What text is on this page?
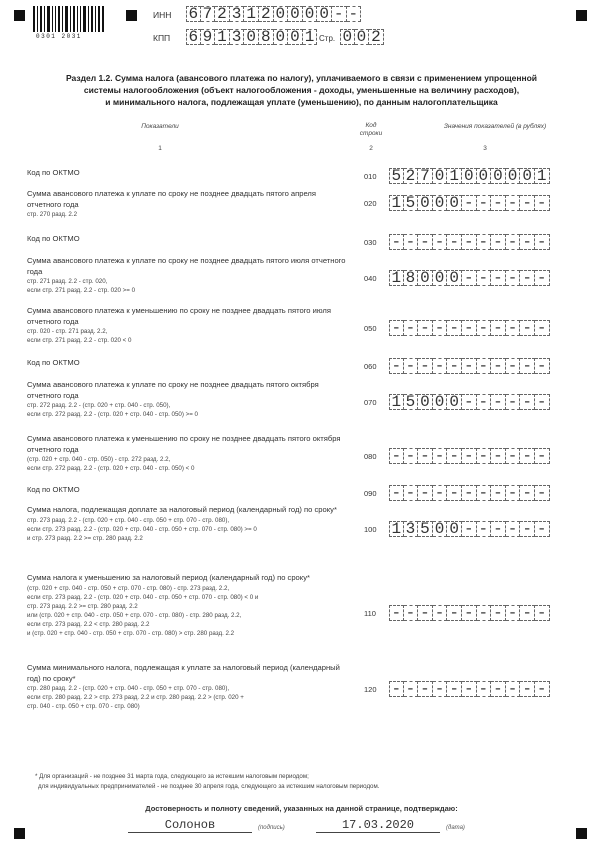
0301 2031
ИНН 6 7 2 3 1 2 0 0 0 0 - -
КПП 6 9 1 3 0 8 0 0 1 Стр. 0 0 2
Раздел 1.2. Сумма налога (авансового платежа по налогу), уплачиваемого в связи с применением упрощенной
системы налогообложения (объект налогообложения - доходы, уменьшенные на величину расходов),
и минимального налога, подлежащая уплате (уменьшению), по данным налогоплательщика
Показатели	Код строки
Значения показателей (в рублях)
1	2	3
Код по ОКТМО	010 5 2 7 0 1 0 0 0 0 0 1
Сумма авансового платежа к уплате по сроку не позднее двадцать пятого апреля отчетного года
стр. 270 разд. 2.2
020 1 5 0 0 0 - - - - - -
Код по ОКТМО	030 - - - - - - - - - - -
Сумма авансового платежа к уплате по сроку не позднее двадцать пятого июля отчетного года
стр. 271 разд. 2.2 - стр. 020,
если стр. 271 разд. 2.2 - стр. 020 >= 0
040 1 8 0 0 0 - - - - - -
Сумма авансового платежа к уменьшению по сроку не позднее двадцать пятого июля отчетного года
стр. 020 - стр. 271 разд. 2.2,
если стр. 271 разд. 2.2 - стр. 020 < 0
050 - - - - - - - - - - -
Код по ОКТМО	060 - - - - - - - - - - -
Сумма авансового платежа к уплате по сроку не позднее двадцать пятого октября отчетного года
стр. 272 разд. 2.2 - (стр. 020 + стр. 040 - стр. 050),
если стр. 272 разд. 2.2 - (стр. 020 + стр. 040 - стр. 050) >= 0
070 1 5 0 0 0 - - - - - -
Сумма авансового платежа к уменьшению по сроку не позднее двадцать пятого октября отчетного года
(стр. 020 + стр. 040 - стр. 050) - стр. 272 разд. 2.2,
если стр. 272 разд. 2.2 - (стр. 020 + стр. 040 - стр. 050) < 0
080 - - - - - - - - - - -
Код по ОКТМО	090 - - - - - - - - - - -
Сумма налога, подлежащая доплате за налоговый период (календарный год) по сроку*
стр. 273 разд. 2.2 - (стр. 020 + стр. 040 - стр. 050 + стр. 070 - стр. 080),
если стр. 273 разд. 2.2 - (стр. 020 + стр. 040 - стр. 050 + стр. 070 - стр. 080) >= 0
и стр. 273 разд. 2.2 >= стр. 280 разд. 2.2
100 1 3 5 0 0 - - - - - -
Сумма налога к уменьшению за налоговый период (календарный год) по сроку*
(стр. 020 + стр. 040 - стр. 050 + стр. 070 - стр. 080) - стр. 273 разд. 2.2,
если стр. 273 разд. 2.2 - (стр. 020 + стр. 040 - стр. 050 + стр. 070 - стр. 080) < 0 и
стр. 273 разд. 2.2 >= стр. 280 разд. 2.2
или (стр. 020 + стр. 040 - стр. 050 + стр. 070 - стр. 080) - стр. 280 разд. 2.2,
если стр. 273 разд. 2.2 < стр. 280 разд. 2.2
и (стр. 020 + стр. 040 - стр. 050 + стр. 070 - стр. 080) > стр. 280 разд. 2.2
110 - - - - - - - - - - -
Сумма минимального налога, подлежащая к уплате за налоговый период (календарный год) по сроку*
стр. 280 разд. 2.2 - (стр. 020 + стр. 040 - стр. 050 + стр. 070 - стр. 080),
если стр. 280 разд. 2.2 > стр. 273 разд. 2.2 и стр. 280 разд. 2.2 > (стр. 020 +
стр. 040 - стр. 050 + стр. 070 - стр. 080)
120 - - - - - - - - - - -
* Для организаций - не позднее 31 марта года, следующего за истекшим налоговым периодом;
для индивидуальных предпринимателей - не позднее 30 апреля года, следующего за истекшим налоговым периодом.
Достоверность и полноту сведений, указанных на данной странице, подтверждаю:
Солонов	(подпись)	17.03.2020	(дата)
